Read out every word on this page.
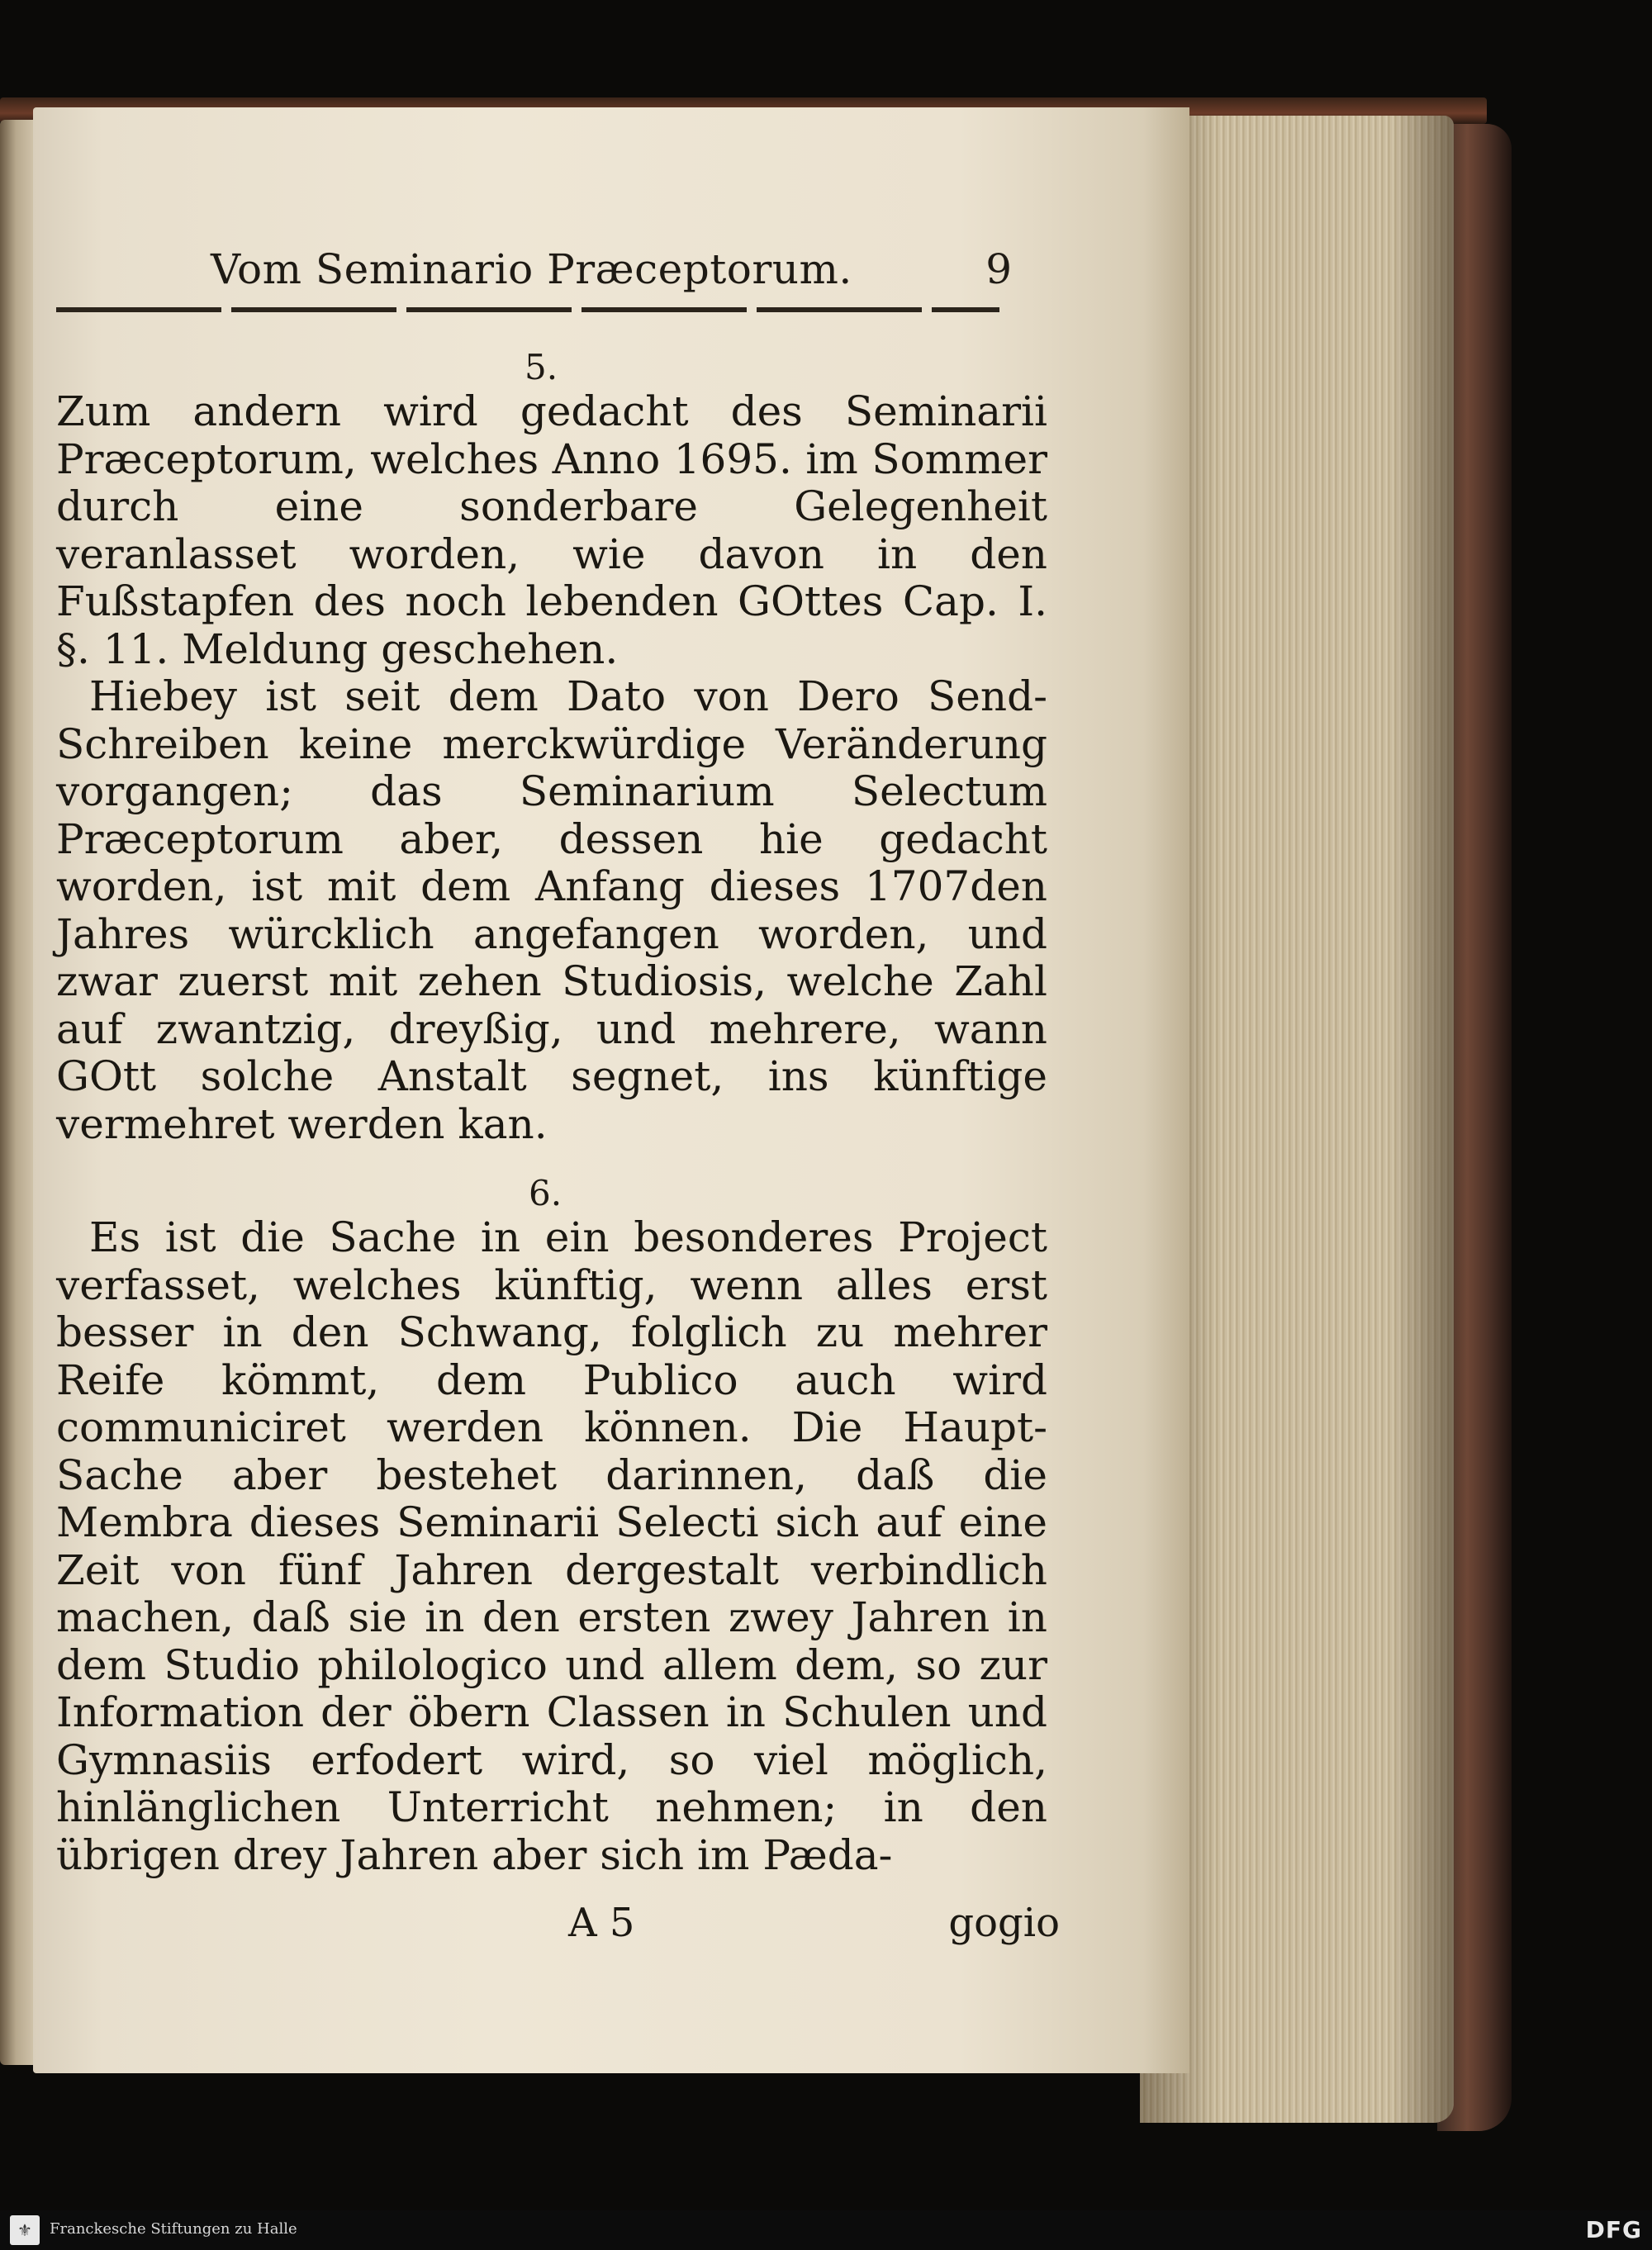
Vom Seminario Præceptorum.	9
5.

Zum andern wird gedacht des Seminarii Præceptorum, welches Anno 1695. im Sommer durch eine sonderbare Gelegenheit veranlasset worden, wie davon in den Fußstapfen des noch lebenden GOttes Cap. I. §. 11. Meldung geschehen.

Hiebey ist seit dem Dato von Dero Send-Schreiben keine merckwürdige Veränderung vorgangen; das Seminarium Selectum Præceptorum aber, dessen hie gedacht worden, ist mit dem Anfang dieses 1707den Jahres würcklich angefangen worden, und zwar zuerst mit zehen Studiosis, welche Zahl auf zwantzig, dreyßig, und mehrere, wann GOtt solche Anstalt segnet, ins künftige vermehret werden kan.

6.

Es ist die Sache in ein besonderes Project verfasset, welches künftig, wenn alles erst besser in den Schwang, folglich zu mehrer Reife kömmt, dem Publico auch wird communiciret werden können. Die Haupt-Sache aber bestehet darinnen, daß die Membra dieses Seminarii Selecti sich auf eine Zeit von fünf Jahren dergestalt verbindlich machen, daß sie in den ersten zwey Jahren in dem Studio philologico und allem dem, so zur Information der öbern Classen in Schulen und Gymnasiis erfodert wird, so viel möglich, hinlänglichen Unterricht nehmen; in den übrigen drey Jahren aber sich im Pæda-

A 5	gogio
⚜	Franckesche Stiftungen zu Halle	DFG
